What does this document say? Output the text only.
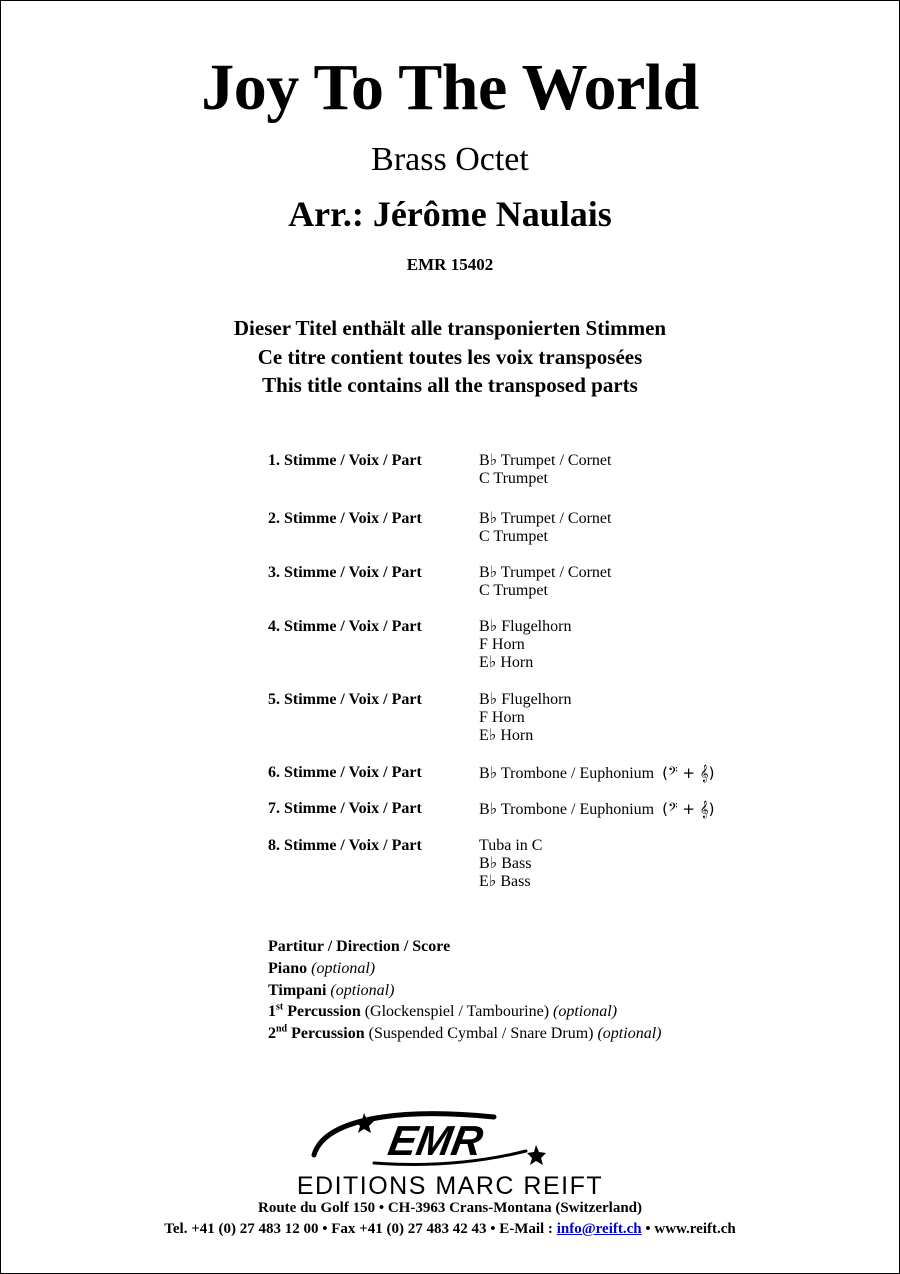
Joy To The World
Brass Octet
Arr.: Jérôme Naulais
EMR 15402
Dieser Titel enthält alle transponierten Stimmen
Ce titre contient toutes les voix transposées
This title contains all the transposed parts
1. Stimme / Voix / Part	B♭ Trumpet / Cornet
C Trumpet
2. Stimme / Voix / Part	B♭ Trumpet / Cornet
C Trumpet
3. Stimme / Voix / Part	B♭ Trumpet / Cornet
C Trumpet
4. Stimme / Voix / Part	B♭ Flugelhorn
F Horn
E♭ Horn
5. Stimme / Voix / Part	B♭ Flugelhorn
F Horn
E♭ Horn
6. Stimme / Voix / Part	B♭ Trombone / Euphonium (𝄢 + 𝄞)
7. Stimme / Voix / Part	B♭ Trombone / Euphonium (𝄢 + 𝄞)
8. Stimme / Voix / Part	Tuba in C
B♭ Bass
E♭ Bass
Partitur / Direction / Score
Piano (optional)
Timpani (optional)
1st Percussion (Glockenspiel / Tambourine) (optional)
2nd Percussion (Suspended Cymbal / Snare Drum) (optional)
EMR
EDITIONS MARC REIFT
Route du Golf 150 • CH-3963 Crans-Montana (Switzerland)
Tel. +41 (0) 27 483 12 00 • Fax +41 (0) 27 483 42 43 • E-Mail : info@reift.ch • www.reift.ch
